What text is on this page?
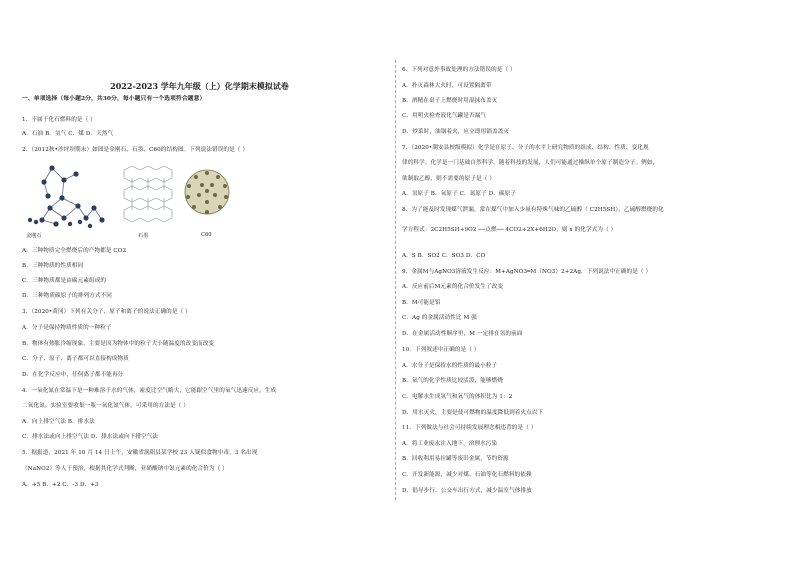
2022-2023 学年九年级（上）化学期末模拟试卷
一、单项选择（每小题2分，共30分，每小题只有一个选项符合题意）
1．不属于化石燃料的是（ ）
A．石油 B．氢气 C．煤 D．天然气
2．（2012秋•沙坪坝期末）如图是金刚石、石墨、C60的结构图。下列说法错误的是（ ）
A．三种物质完全燃烧后的产物都是 CO2
B．三种物质的性质相同
C．三种物质都是由碳元素组成的
D．三种物质碳原子的排列方式不同
3．（2020•黄冈）下列有关分子、原子和离子的说法正确的是（ ）
A．分子是保持物质性质的一种粒子
B．物体有热胀冷缩现象，主要是因为物体中的粒子大小随温度的改变而改变
C．分子、原子、离子都可以直接构成物质
D．在化学反应中，任何离子都不能再分
4．一氧化氮在常温下是一种难溶于水的气体，密度比空气略大，它能跟空气里的氧气迅速反应，生成
二氧化氮。实验室要收集一瓶一氧化氮气体，可采用的方法是（ ）
A．向上排空气法 B．排水法
C．排水法或向上排空气法 D．排水法或向下排空气法
5．据报道，2021 年 10 月 14 日上午，安徽省涡阳县某学校 23 人疑似食物中毒，3 名出现
（NaNO2）等人干预治，根据其化学式判断，亚硝酸钠中氮元素的化合价为（ ）
A．+5 B．+2 C．-3 D．+3
金刚石	石墨	C60
6．下列对意外事故处理的方法错误的是（ ）
A．扑灭森林大火时，可设置隔离带
B．酒精在桌子上燃烧时用湿抹布盖灭
C．用明火检查液化气罐是否漏气
D．炒菜时，油锅着火，应立即用锅盖盖灭
7．（2020•潮安县校级模拟）化学是在原子、分子的水平上研究物质的组成、结构、性质、变化规
律的科学。化学是一门基础自然科学，随着科技的发展，人们可能通过操纵单个原子制造分子。例如，
欲制取乙醇，则不需要的原子是（ ）
A．氢原子 B．氧原子 C．氮原子 D．碳原子
8．为了能及时发现煤气泄漏，常在煤气中加入少量有特殊气味的乙硫醇（ C2H5SH），乙硫醇燃烧的化
学方程式：2C2H5SH+9O2 ──点燃── 4CO2+2X+6H2O，则 x 的化学式为（ ）
A．S B．SO2 C．SO3 D．CO
9．金属M与AgNO3溶液发生反应：M+AgNO3═M（NO3）2+2Ag，下列说法中正确的是（ ）
A．反应前后M元素的化合价发生了改变
B．M可能是铝
C．Ag 的金属活动性比 M 强
D．在金属活动性顺序里，M 一定排在氢的前面
10．下列叙述中正确的是（ ）
A．水分子是保持水的性质的最小粒子
B．氧气的化学性质比较活泼，能够燃烧
C．电解水生成氢气和氧气的体积比为 1：2
D．用水灭火，主要是使可燃物的温度降低到着火点以下
11．下列做法与社会可持续发展理念相违背的是（ ）
A．将工业废水注入地下，治理水污染
B．回收利用易拉罐等废旧金属，节约资源
C．开发新能源，减少对煤、石油等化石燃料的依赖
D．倡导步行、公交车出行方式，减少温室气体排放
